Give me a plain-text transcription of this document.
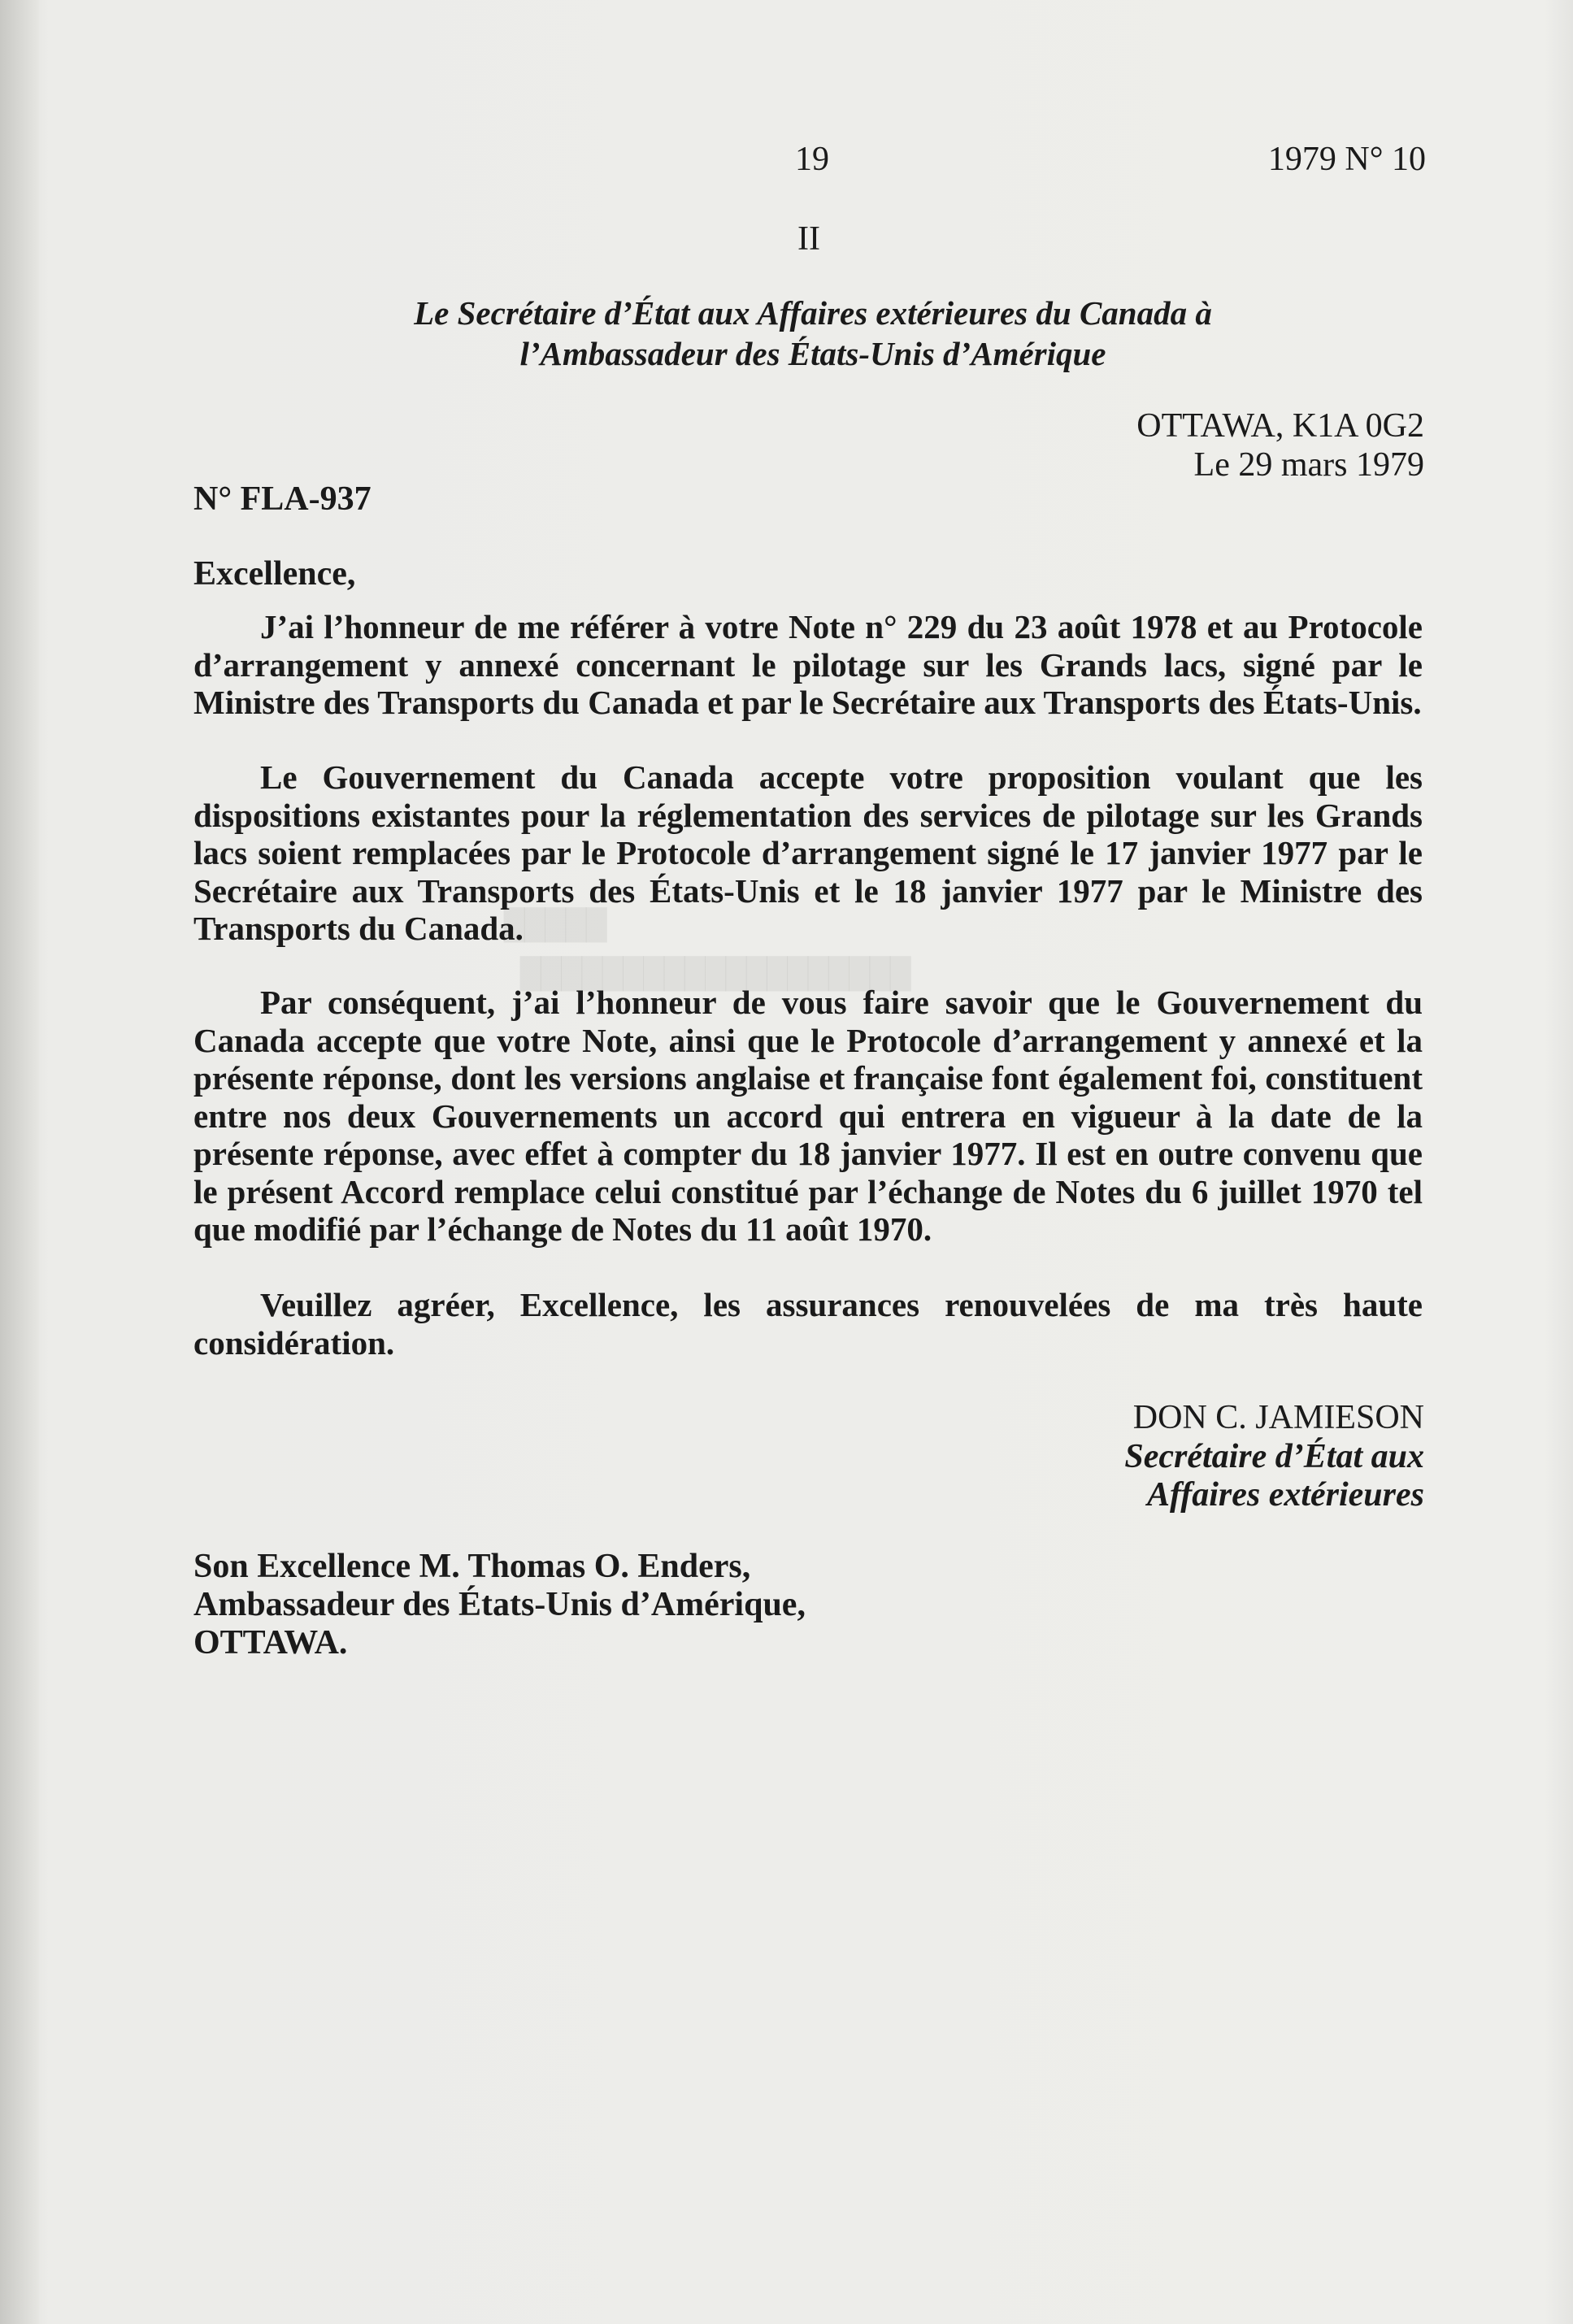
▇▇▇▇▇
▇▇▇▇▇▇▇▇▇▇▇▇▇▇▇▇▇▇▇
19	1979 N° 10
II
Le Secrétaire d’État aux Affaires extérieures du Canada à
l’Ambassadeur des États-Unis d’Amérique
OTTAWA, K1A 0G2
Le 29 mars 1979
N° FLA-937
Excellence,
J’ai l’honneur de me référer à votre Note n° 229 du 23 août 1978 et au Protocole d’arrangement y annexé concernant le pilotage sur les Grands lacs, signé par le Ministre des Transports du Canada et par le Secrétaire aux Transports des États-Unis.
Le Gouvernement du Canada accepte votre proposition voulant que les dispositions existantes pour la réglementation des services de pilotage sur les Grands lacs soient remplacées par le Protocole d’arrangement signé le 17 janvier 1977 par le Secrétaire aux Transports des États-Unis et le 18 janvier 1977 par le Ministre des Transports du Canada.
Par conséquent, j’ai l’honneur de vous faire savoir que le Gouvernement du Canada accepte que votre Note, ainsi que le Protocole d’arrangement y annexé et la présente réponse, dont les versions anglaise et française font également foi, constituent entre nos deux Gouvernements un accord qui entrera en vigueur à la date de la présente réponse, avec effet à compter du 18 janvier 1977. Il est en outre convenu que le présent Accord remplace celui constitué par l’échange de Notes du 6 juillet 1970 tel que modifié par l’échange de Notes du 11 août 1970.
Veuillez agréer, Excellence, les assurances renouvelées de ma très haute considération.
DON C. JAMIESON
Secrétaire d’État aux
Affaires extérieures
Son Excellence M. Thomas O. Enders,
Ambassadeur des États-Unis d’Amérique,
OTTAWA.
